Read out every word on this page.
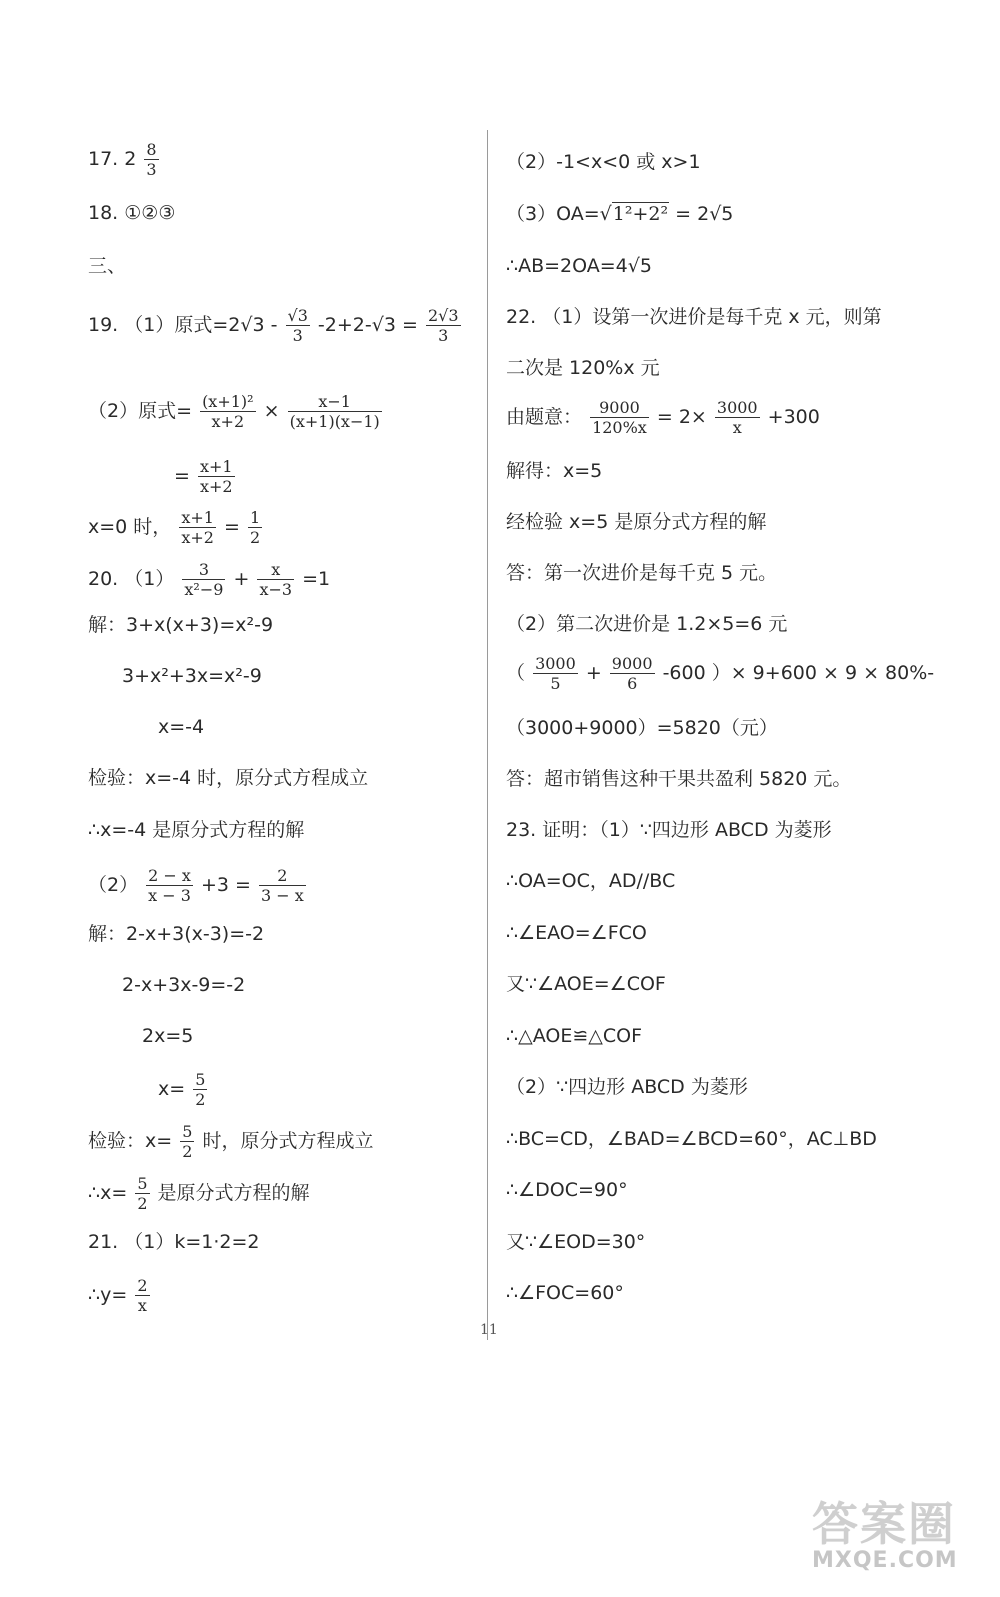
17. $2 \frac{8}{3}$
18. ①②③
三、
19. （1）原式$=2√3 - \frac{√3}{3} -2+2-√3 = \frac{2√3}{3}$
（2）原式= $\frac{\text{(x+1)²}}{x+2} \times \frac{x-1}{(x+1)(x-1)}$
= $\frac{x+1}{x+2}$
x=0 时， $\frac{x+1}{x+2} = \frac{1}{2}$
20. $(1) \frac{3}{\text{x²−9}} + \frac{x}{x-3} =1$
解：3+x(x+3)=x²-9
3+x²+3x=x²-9
x=-4
检验：x=-4 时，原分式方程成立
∴x=-4 是原分式方程的解
$(2) \frac{2 - x}{x - 3} +3 = \frac{2}{3 - x}$
解：2-x+3(x-3)=-2
2-x+3x-9=-2
2x=5
$x= \frac{5}{2}$
检验：$x= \frac{5}{2}$ 时，原分式方程成立
∴x= $\frac{5}{2}$ 是原分式方程的解
21. （1）k=1·2=2
∴y= $\frac{2}{x}$
（2）-1<x<0 或 x>1
（3）OA=√1²+2² = 2√5
∴AB=2OA=4√5
22. （1）设第一次进价是每千克 x 元，则第
二次是 120%x 元
由题意： $\frac{9000}{120\%x} = 2\times \frac{3000}{x} +300$
解得：x=5
经检验 x=5 是原分式方程的解
答：第一次进价是每千克 5 元。
（2）第二次进价是 1.2×5=6 元
（ $\frac{3000}{5} + \frac{9000}{6} -600$ ）× 9+600 × 9 × 80%-
（3000+9000）=5820（元）
答：超市销售这种干果共盈利 5820 元。
23. 证明：（1）∵四边形 ABCD 为菱形
∴OA=OC，AD//BC
∴∠EAO=∠FCO
又∵∠AOE=∠COF
∴△AOE≌△COF
（2）∵四边形 ABCD 为菱形
∴BC=CD，∠BAD=∠BCD=60°，AC⊥BD
∴∠DOC=90°
又∵∠EOD=30°
∴∠FOC=60°
11
答案圈
MXQE.COM
